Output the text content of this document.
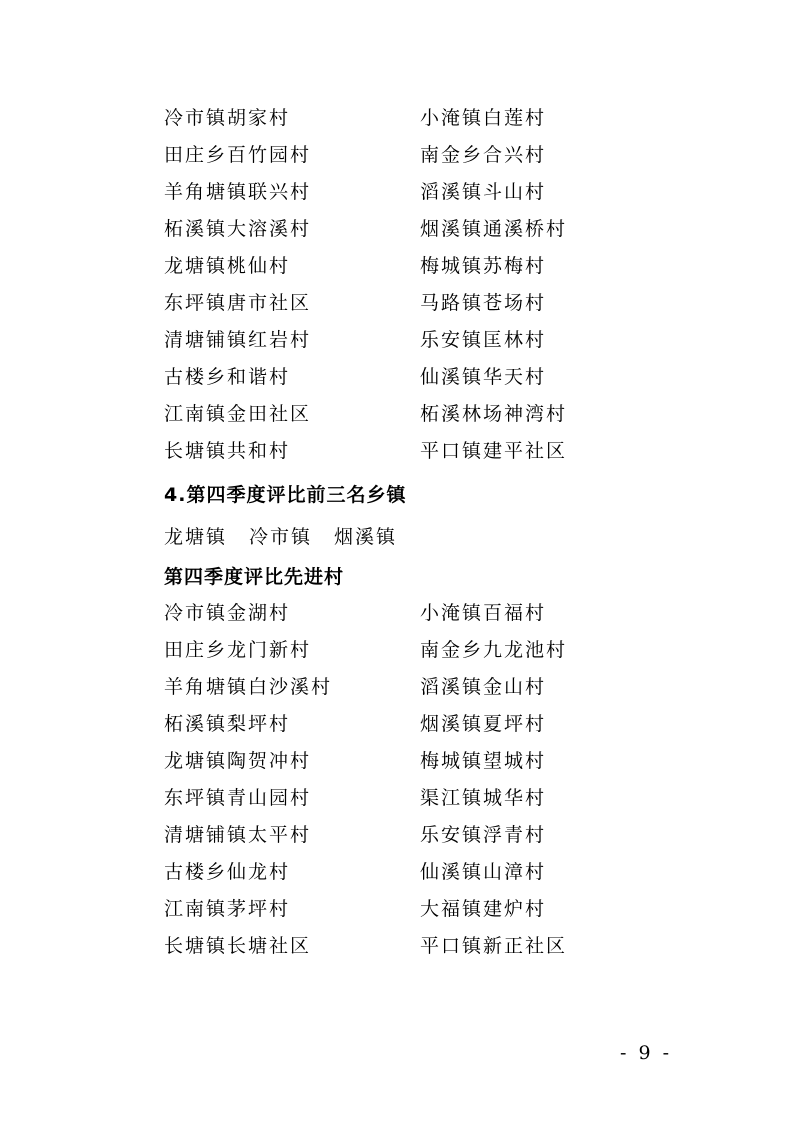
冷市镇胡家村	小淹镇白莲村
田庄乡百竹园村	南金乡合兴村
羊角塘镇联兴村	滔溪镇斗山村
柘溪镇大溶溪村	烟溪镇通溪桥村
龙塘镇桃仙村	梅城镇苏梅村
东坪镇唐市社区	马路镇苍场村
清塘铺镇红岩村	乐安镇匡林村
古楼乡和谐村	仙溪镇华天村
江南镇金田社区	柘溪林场神湾村
长塘镇共和村	平口镇建平社区
4.第四季度评比前三名乡镇
龙塘镇 冷市镇 烟溪镇
第四季度评比先进村
冷市镇金湖村	小淹镇百福村
田庄乡龙门新村	南金乡九龙池村
羊角塘镇白沙溪村	滔溪镇金山村
柘溪镇梨坪村	烟溪镇夏坪村
龙塘镇陶贺冲村	梅城镇望城村
东坪镇青山园村	渠江镇城华村
清塘铺镇太平村	乐安镇浮青村
古楼乡仙龙村	仙溪镇山漳村
江南镇茅坪村	大福镇建炉村
长塘镇长塘社区	平口镇新正社区
- 9 -
